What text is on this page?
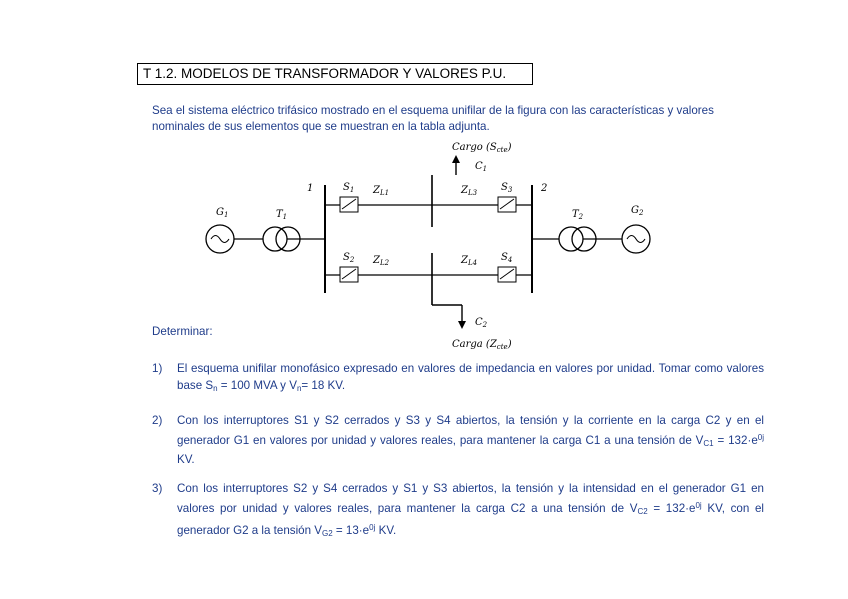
T 1.2. MODELOS DE TRANSFORMADOR Y VALORES P.U.
Sea el sistema eléctrico trifásico mostrado en el esquema unifilar de la figura con las características y valores
nominales de sus elementos que se muestran en la tabla adjunta.
Cargo $(S_{cte})$
$C_1$
1	2
$S_1$ $Z_{L1}$	$Z_{L3}$ $S_3$
$S_2$ $Z_{L2}$	$Z_{L4}$ $S_4$
$G_1$	$T_1$	$T_2$
$G_2$
$C_2$
Carga $(Z_{cte})$
Determinar:
1) El esquema unifilar monofásico expresado en valores de impedancia en valores por unidad. Tomar como valores base $S_n = 100$ MVA y $V_n= 18$ KV.
2) Con los interruptores S1 y S2 cerrados y S3 y S4 abiertos, la tensión y la corriente en la carga C2 y en el generador G1 en valores por unidad y valores reales, para mantener la carga C1 a una tensión de $V_{C1} = 132\cdot e^{0j}$ KV.
3) Con los interruptores S2 y S4 cerrados y S1 y S3 abiertos, la tensión y la intensidad en el generador G1 en valores por unidad y valores reales, para mantener la carga C2 a una tensión de $V_{C2} = 132\cdot e^{0j}$ KV, con el generador G2 a la tensión $V_{G2} = 13\cdot e^{0j}$ KV.
